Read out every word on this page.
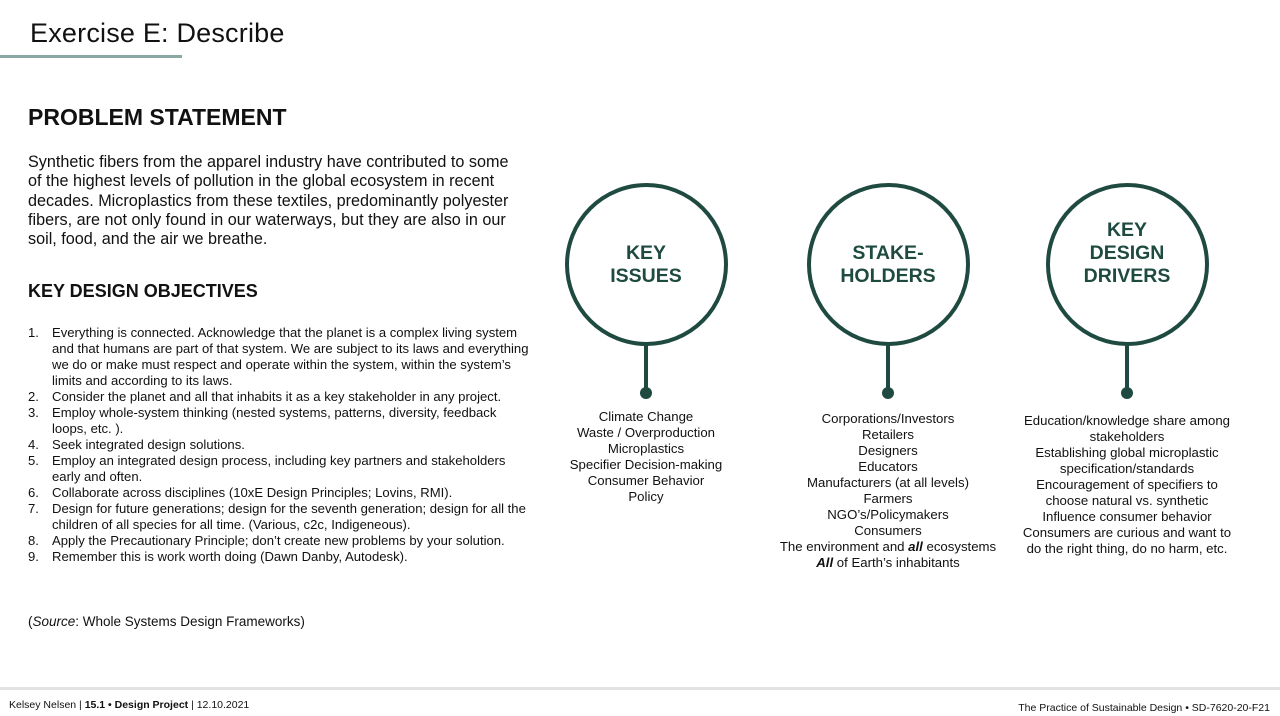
Exercise E: Describe
PROBLEM STATEMENT

Synthetic fibers from the apparel industry have contributed to some of the highest levels of pollution in the global ecosystem in recent decades. Microplastics from these textiles, predominantly polyester fibers, are not only found in our waterways, but they are also in our soil, food, and the air we breathe.

KEY DESIGN OBJECTIVES
1. Everything is connected. Acknowledge that the planet is a complex living system and that humans are part of that system. We are subject to its laws and everything we do or make must respect and operate within the system, within the system’s limits and according to its laws.
2. Consider the planet and all that inhabits it as a key stakeholder in any project.
3. Employ whole-system thinking (nested systems, patterns, diversity, feedback loops, etc. ).
4. Seek integrated design solutions.
5. Employ an integrated design process, including key partners and stakeholders early and often.
6. Collaborate across disciplines (10xE Design Principles; Lovins, RMI).
7. Design for future generations; design for the seventh generation; design for all the children of all species for all time. (Various, c2c, Indigeneous).
8. Apply the Precautionary Principle; don’t create new problems by your solution.
9. Remember this is work worth doing (Dawn Danby, Autodesk).
(Source: Whole Systems Design Frameworks)
KEY
ISSUES
Climate Change
Waste / Overproduction
Microplastics
Specifier Decision-making
Consumer Behavior
Policy
STAKE-
HOLDERS
Corporations/Investors
Retailers
Designers
Educators
Manufacturers (at all levels)
Farmers
NGO’s/Policymakers
Consumers
The environment and all ecosystems
All of Earth’s inhabitants
KEY
DESIGN
DRIVERS
Education/knowledge share among
stakeholders
Establishing global microplastic
specification/standards
Encouragement of specifiers to
choose natural vs. synthetic
Influence consumer behavior
Consumers are curious and want to
do the right thing, do no harm, etc.
Kelsey Nelsen | 15.1 • Design Project | 12.10.2021	The Practice of Sustainable Design • SD-7620-20-F21
